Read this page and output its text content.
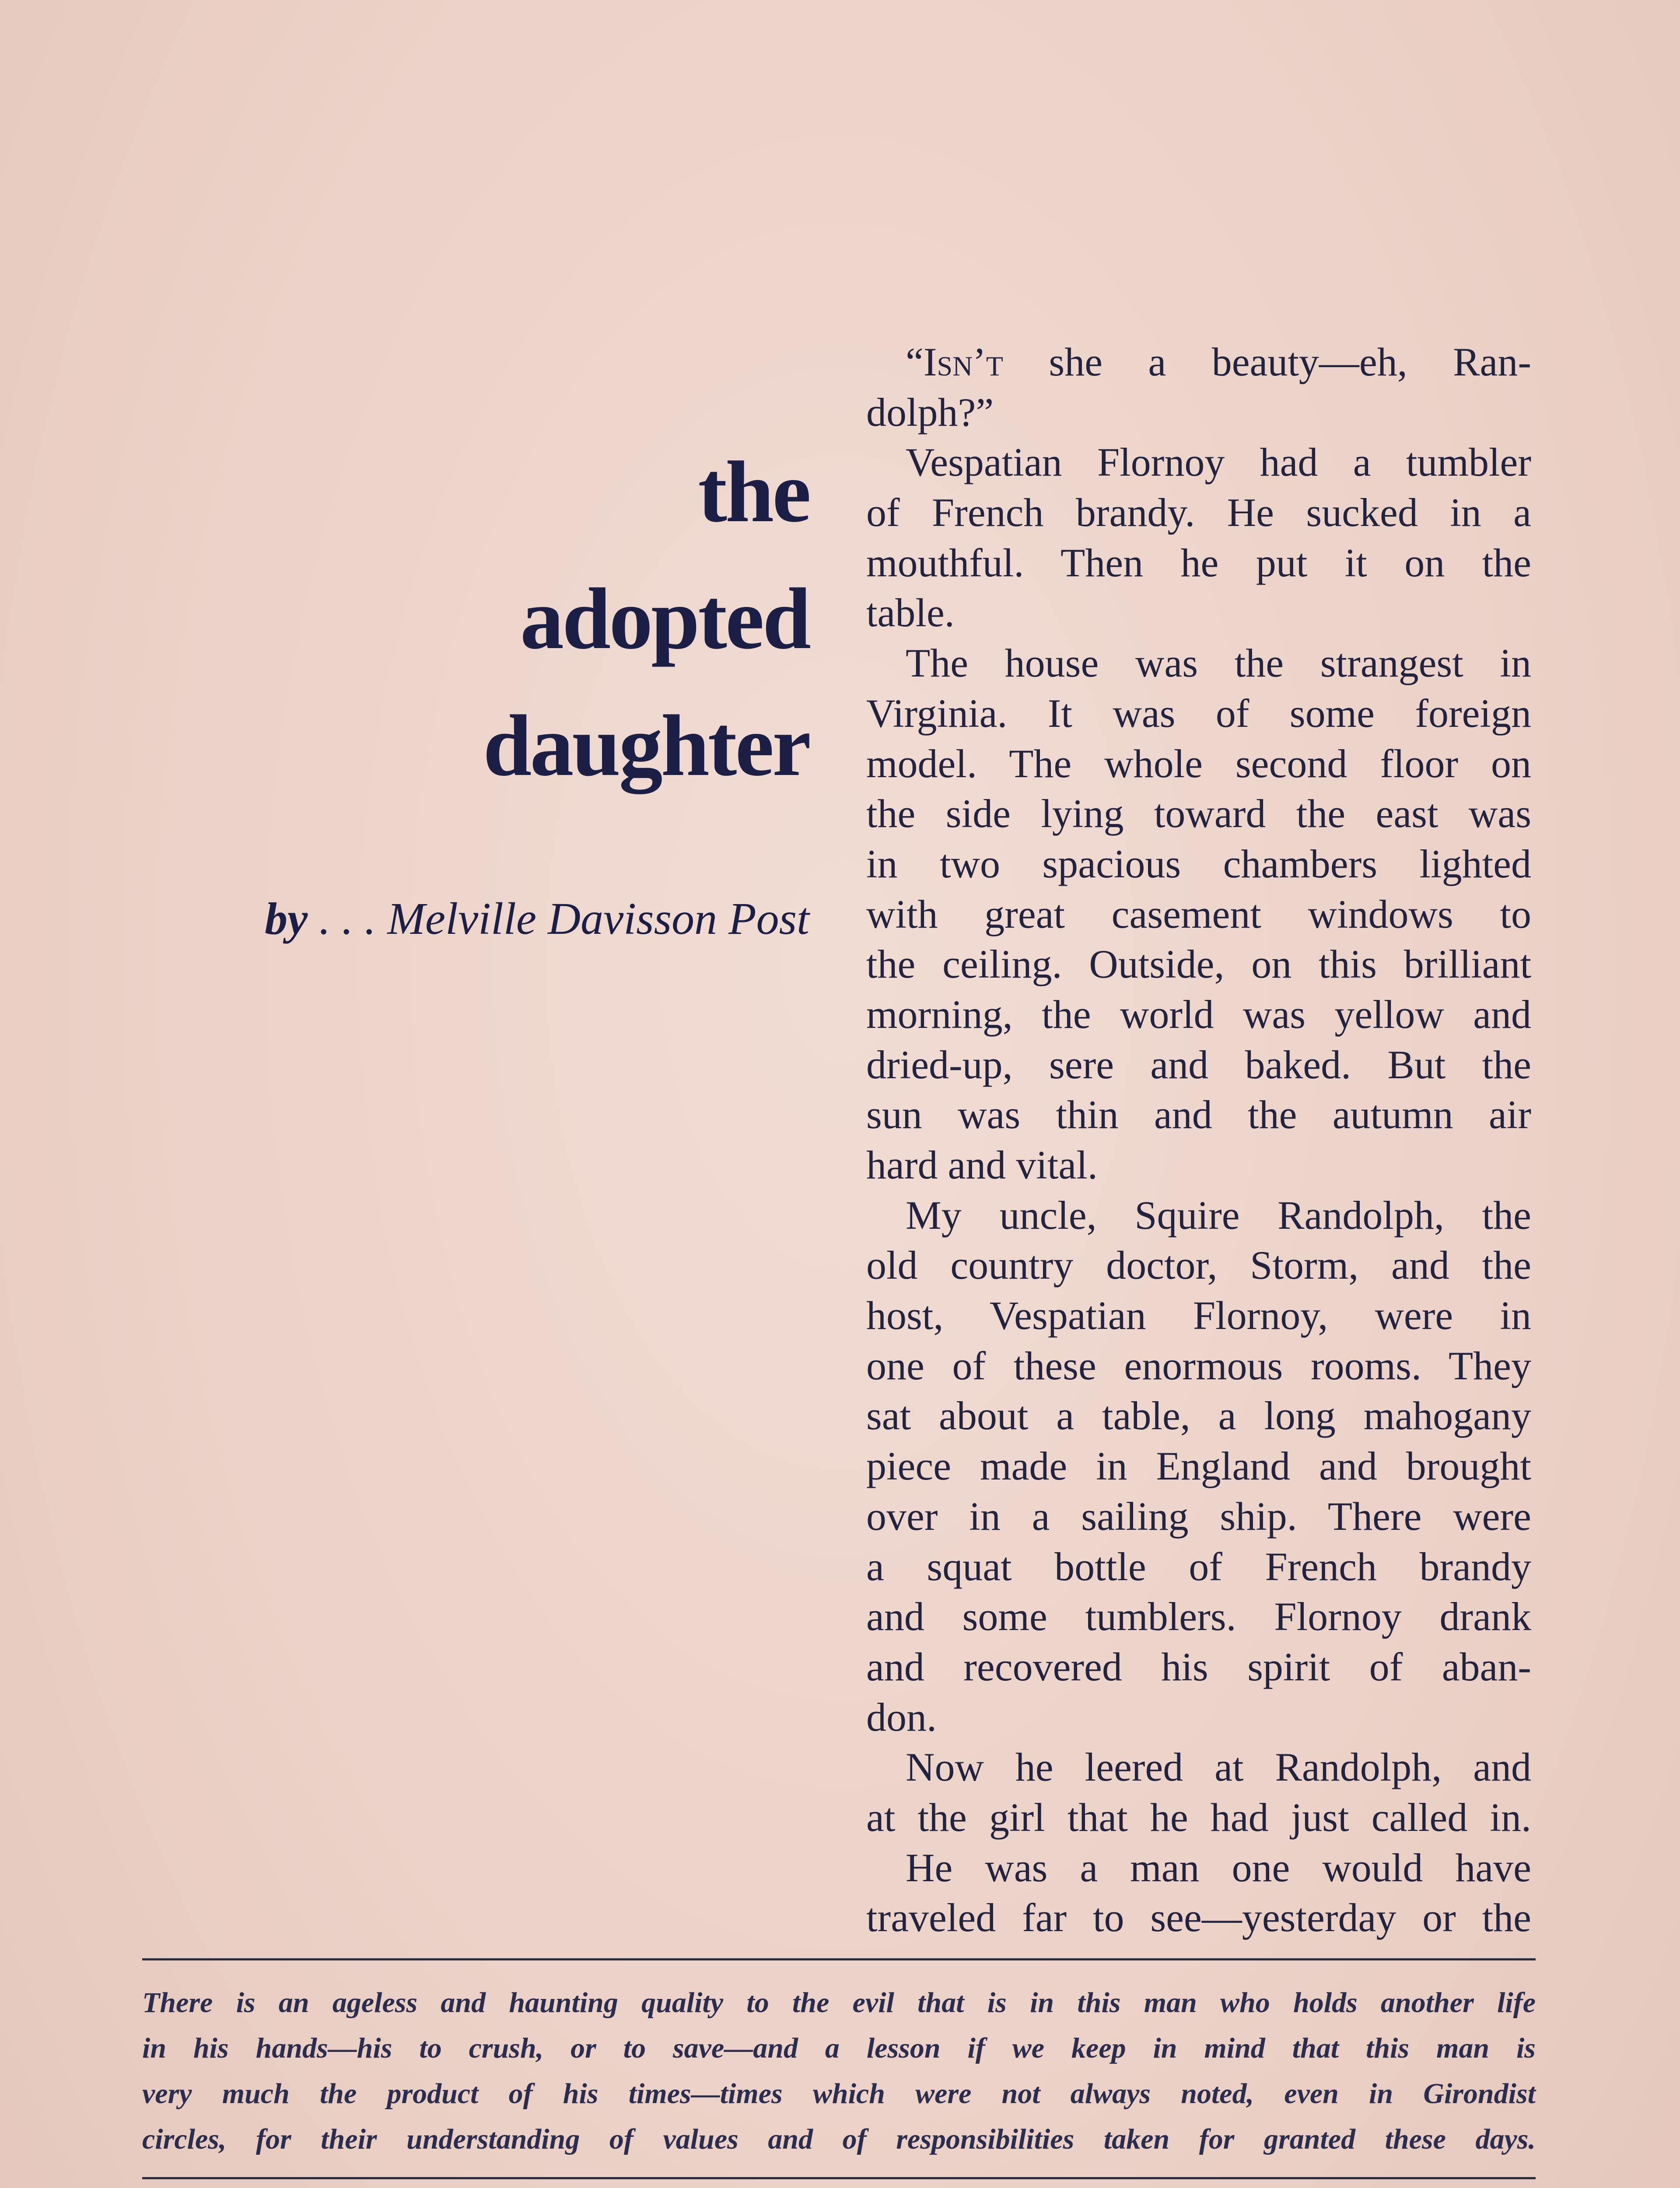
the
adopted
daughter
by . . . Melville Davisson Post
“Isn’t she a beauty—eh, Ran-
dolph?”
Vespatian Flornoy had a tumbler
of French brandy. He sucked in a
mouthful. Then he put it on the
table.
The house was the strangest in
Virginia. It was of some foreign
model. The whole second floor on
the side lying toward the east was
in two spacious chambers lighted
with great casement windows to
the ceiling. Outside, on this brilliant
morning, the world was yellow and
dried-up, sere and baked. But the
sun was thin and the autumn air
hard and vital.
My uncle, Squire Randolph, the
old country doctor, Storm, and the
host, Vespatian Flornoy, were in
one of these enormous rooms. They
sat about a table, a long mahogany
piece made in England and brought
over in a sailing ship. There were
a squat bottle of French brandy
and some tumblers. Flornoy drank
and recovered his spirit of aban-
don.
Now he leered at Randolph, and
at the girl that he had just called in.
He was a man one would have
traveled far to see—yesterday or the
There is an ageless and haunting quality to the evil that is in this man who holds another life
in his hands—his to crush, or to save—and a lesson if we keep in mind that this man is
very much the product of his times—times which were not always noted, even in Girondist
circles, for their understanding of values and of responsibilities taken for granted these days.
